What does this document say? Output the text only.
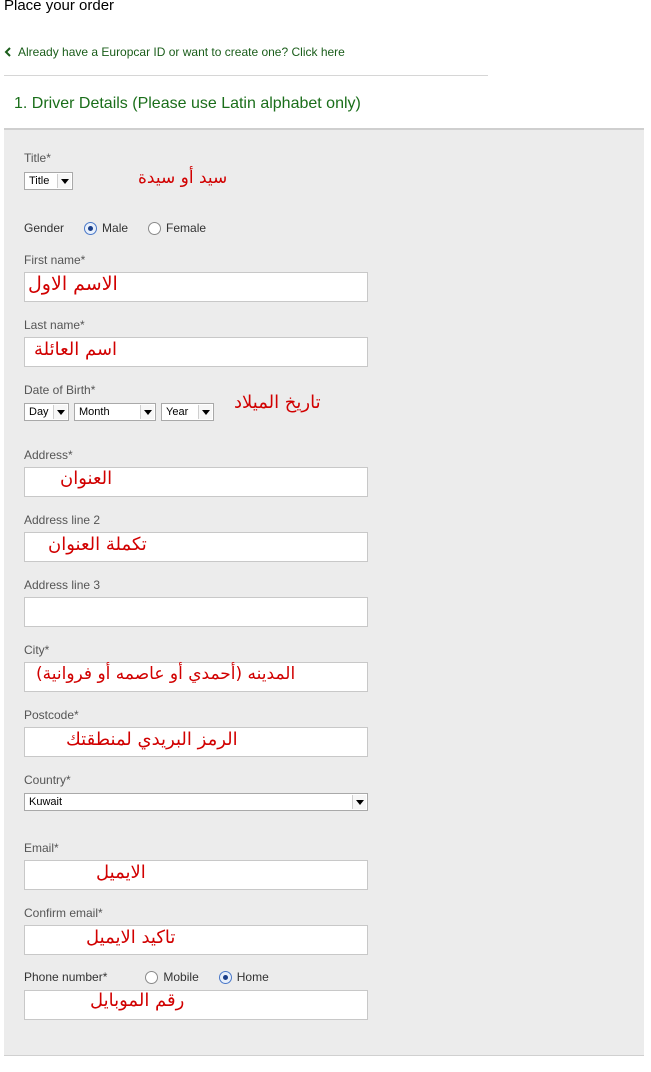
Place your order
Already have a Europcar ID or want to create one? Click here
1. Driver Details (Please use Latin alphabet only)
Title*
Title	سيد أو سيدة
Gender	Male	Female
First name*
الاسم الاول
Last name*
اسم العائلة
Date of Birth*
Day	Month	Year	تاريخ الميلاد
Address*
العنوان
Address line 2
تكملة العنوان
Address line 3
City*
المدينه (أحمدي أو عاصمه أو فروانية)
Postcode*
الرمز البريدي لمنطقتك
Country*
Kuwait
Email*
الايميل
Confirm email*
تاكيد الايميل
Phone number*	Mobile	Home
رقم الموبايل
